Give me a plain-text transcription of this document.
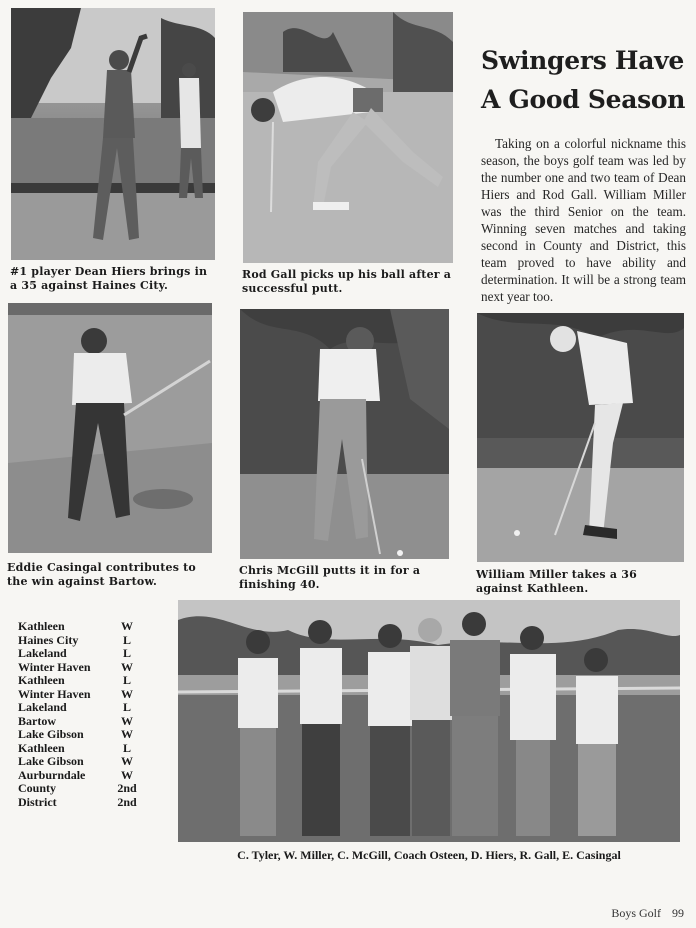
#1 player Dean Hiers brings in a 35 against Haines City.
Rod Gall picks up his ball after a successful putt.
Swingers Have
A Good Season
Taking on a colorful nickname this season, the boys golf team was led by the number one and two team of Dean Hiers and Rod Gall. William Miller was the third Senior on the team. Winning seven matches and taking second in County and District, this team proved to have ability and determination. It will be a strong team next year too.
Eddie Casingal contributes to the win against Bartow.
Chris McGill putts it in for a finishing 40.
William Miller takes a 36 against Kathleen.
Kathleen	W
Haines City	L
Lakeland	L
Winter Haven	W
Kathleen	L
Winter Haven	W
Lakeland	L
Bartow	W
Lake Gibson	W
Kathleen	L
Lake Gibson	W
Aurburndale	W
County	2nd
District	2nd
C. Tyler, W. Miller, C. McGill, Coach Osteen, D. Hiers, R. Gall, E. Casingal
Boys Golf 99
